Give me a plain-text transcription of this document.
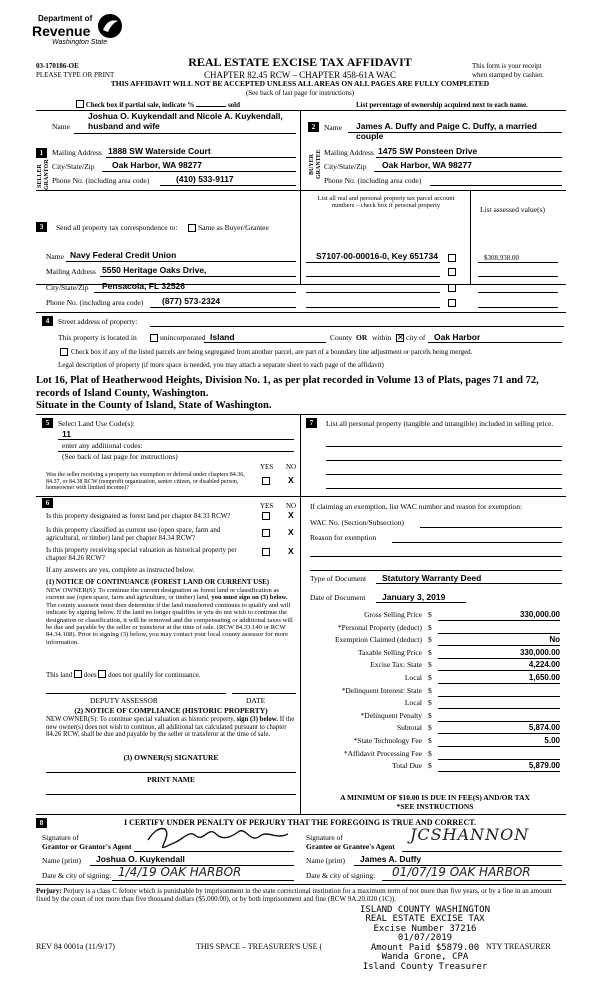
Department of
Revenue
Washington State
03-170186-OE
PLEASE TYPE OR PRINT
REAL ESTATE EXCISE TAX AFFIDAVIT
CHAPTER 82.45 RCW – CHAPTER 458-61A WAC
THIS AFFIDAVIT WILL NOT BE ACCEPTED UNLESS ALL AREAS ON ALL PAGES ARE FULLY COMPLETED
(See back of last page for instructions)
This form is your receipt
when stamped by cashier.
Check box if partial sale, indicate %	sold	List percentage of ownership acquired next to each name.
1
SELLER GRANTOR
Joshua O. Kuykendall and Nicole A. Kuykendall,
Name husband and wife
Mailing Address 1888 SW Waterside Court
City/State/Zip Oak Harbor, WA 98277
Phone No. (including area code)	(410) 533-9117
2
BUYER GRANTEE
Name James A. Duffy and Paige C. Duffy, a married couple
Mailing Address 1475 SW Ponsteen Drive
City/State/Zip Oak Harbor, WA 98277
Phone No. (including area code)
3	Send all property tax correspondence to:	Same as Buyer/Grantee
Name Navy Federal Credit Union
Mailing Address 5550 Heritage Oaks Drive,
List all real and personal property tax parcel account numbers – check box if personal property	List assessed value(s)
S7107-00-00016-0, Key 651734	$308,938.00
City/State/Zip Pensacola, FL 32526
Phone No. (including area code) (877) 573-2324
4	Street address of property:
This property is located in	unincorporated Island	County OR within ✕ city of Oak Harbor
Check box if any of the listed parcels are being segregated from another parcel, are part of a boundary line adjustment or parcels being merged.
Legal description of property (if more space is needed, you may attach a separate sheet to each page of the affidavit)
Lot 16, Plat of Heatherwood Heights, Division No. 1, as per plat recorded in Volume 13 of Plats, pages 71 and 72, records of Island County, Washington.
Situate in the County of Island, State of Washington.
5	Select Land Use Code(s):
11
enter any additional codes:
(See back of last page for instructions)
YES NO
Was the seller receiving a property tax exemption or deferral under chapters 84.36, 84.37, or 84.38 RCW (nonprofit organization, senior citizen, or disabled person, homeowner with limited income)?
X
6	YES NO
Is this property designated as forest land per chapter 84.33 RCW?	X
Is this property classified as current use (open space, farm and agricultural, or timber) land per chapter 84.34 RCW?
X
Is this property receiving special valuation as historical property per chapter 84.26 RCW?
X
If any answers are yes, complete as instructed below.
(1) NOTICE OF CONTINUANCE (FOREST LAND OR CURRENT USE)
NEW OWNER(S): To continue the current designation as forest land or classification as current use (open space, farm and agriculture, or timber) land, you must sign on (3) below. The county assessor must then determine if the land transferred continues to qualify and will indicate by signing below. If the land no longer qualifies or you do not wish to continue the designation or classification, it will be removed and the compensating or additional taxes will be due and payable by the seller or transferor at the time of sale. (RCW 84.33.140 or RCW 84.34.108). Prior to signing (3) below, you may contact your local county assessor for more information.
This land does does not qualify for continuance.
DEPUTY ASSESSOR	DATE
(2) NOTICE OF COMPLIANCE (HISTORIC PROPERTY)
NEW OWNER(S): To continue special valuation as historic property, sign (3) below. If the new owner(s) does not wish to continue, all additional tax calculated pursuant to chapter 84.26 RCW, shall be due and payable by the seller or transferor at the time of sale.
(3) OWNER(S) SIGNATURE
PRINT NAME
7	List all personal property (tangible and intangible) included in selling price.
If claiming an exemption, list WAC number and reason for exemption:
WAC No. (Section/Subsection)
Reason for exemption
Type of Document Statutory Warranty Deed
Date of Document January 3, 2019
Gross Selling Price $	330,000.00
*Personal Property (deduct) $
Exemption Claimed (deduct) $	No
Taxable Selling Price $	330,000.00
Excise Tax: State $	4,224.00
Local $	1,650.00
*Delinquent Interest: State $
Local $
*Delinquent Penalty $
Subtotal $	5,874.00
*State Technology Fee $	5.00
*Affidavit Processing Fee $
Total Due $	5,879.00
A MINIMUM OF $10.00 IS DUE IN FEE(S) AND/OR TAX
*SEE INSTRUCTIONS
8	I CERTIFY UNDER PENALTY OF PERJURY THAT THE FOREGOING IS TRUE AND CORRECT.
Signature of
Grantor or Grantor's Agent
Name (print) Joshua O. Kuykendall
Date & city of signing: 1/4/19 OAK HARBOR
Signature of
Grantee or Grantee's Agent
JCSHANNON
Name (print) James A. Duffy
Date & city of signing: 01/07/19 OAK HARBOR
Perjury: Perjury is a class C felony which is punishable by imprisonment in the state correctional institution for a maximum term of not more than five years, or by a fine in an amount fixed by the court of not more than five thousand dollars ($5,000.00), or by both imprisonment and fine (RCW 9A.20.020 (1C)).
ISLAND COUNTY WASHINGTON
REAL ESTATE EXCISE TAX
Excise Number 37216
01/07/2019
Amount Paid $5879.00
Wanda Grone, CPA
Island County Treasurer
REV 84 0001a (11/9/17)	THIS SPACE – TREASURER'S USE (	NTY TREASURER
